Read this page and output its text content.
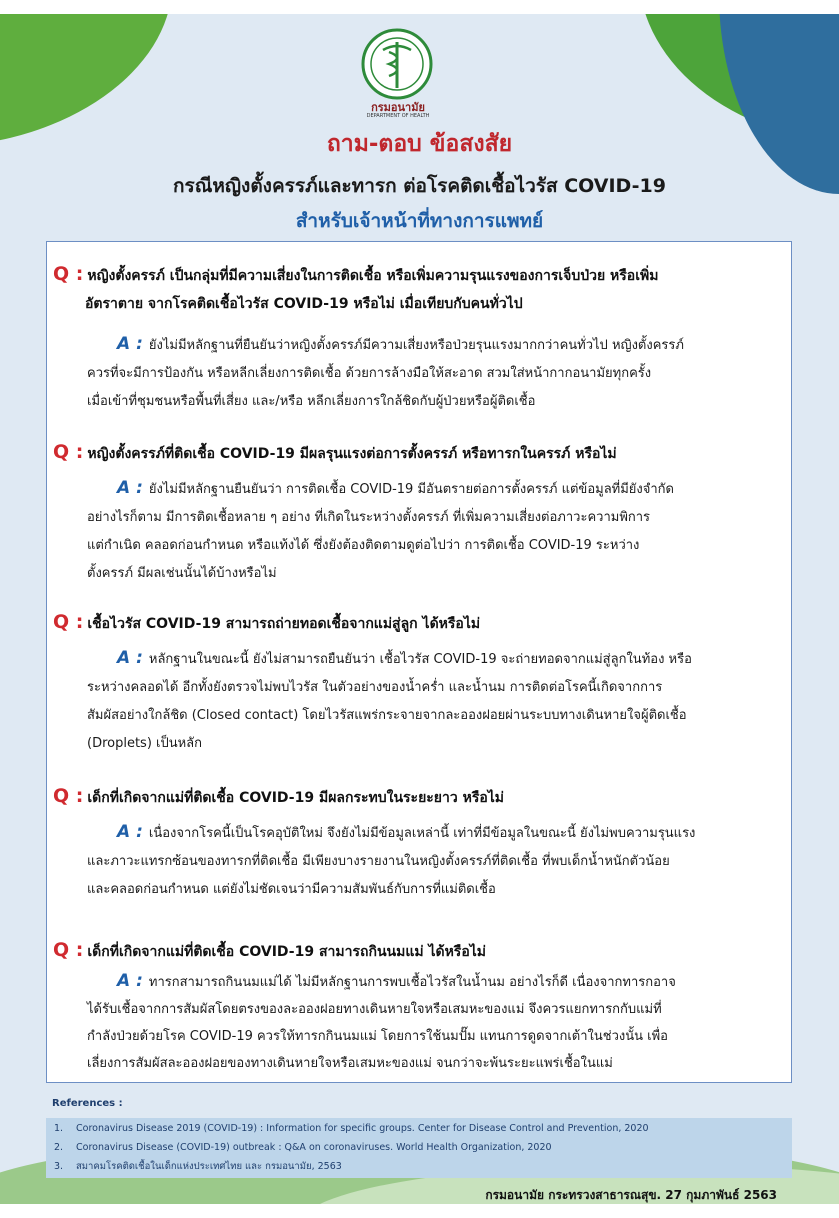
กรมอนามัย
DEPARTMENT OF HEALTH
ถาม-ตอบ ข้อสงสัย
กรณีหญิงตั้งครรภ์และทารก ต่อโรคติดเชื้อไวรัส COVID-19
สำหรับเจ้าหน้าที่ทางการแพทย์
Q : หญิงตั้งครรภ์ เป็นกลุ่มที่มีความเสี่ยงในการติดเชื้อ หรือเพิ่มความรุนแรงของการเจ็บป่วย หรือเพิ่ม
อัตราตาย จากโรคติดเชื้อไวรัส COVID-19 หรือไม่ เมื่อเทียบกับคนทั่วไป
A : ยังไม่มีหลักฐานที่ยืนยันว่าหญิงตั้งครรภ์มีความเสี่ยงหรือป่วยรุนแรงมากกว่าคนทั่วไป หญิงตั้งครรภ์
ควรที่จะมีการป้องกัน หรือหลีกเลี่ยงการติดเชื้อ ด้วยการล้างมือให้สะอาด สวมใส่หน้ากากอนามัยทุกครั้ง
เมื่อเข้าที่ชุมชนหรือพื้นที่เสี่ยง และ/หรือ หลีกเลี่ยงการใกล้ชิดกับผู้ป่วยหรือผู้ติดเชื้อ
Q : หญิงตั้งครรภ์ที่ติดเชื้อ COVID-19 มีผลรุนแรงต่อการตั้งครรภ์ หรือทารกในครรภ์ หรือไม่
A : ยังไม่มีหลักฐานยืนยันว่า การติดเชื้อ COVID-19 มีอันตรายต่อการตั้งครรภ์ แต่ข้อมูลที่มียังจำกัด
อย่างไรก็ตาม มีการติดเชื้อหลาย ๆ อย่าง ที่เกิดในระหว่างตั้งครรภ์ ที่เพิ่มความเสี่ยงต่อภาวะความพิการ
แต่กำเนิด คลอดก่อนกำหนด หรือแท้งได้ ซึ่งยังต้องติดตามดูต่อไปว่า การติดเชื้อ COVID-19 ระหว่าง
ตั้งครรภ์ มีผลเช่นนั้นได้บ้างหรือไม่
Q : เชื้อไวรัส COVID-19 สามารถถ่ายทอดเชื้อจากแม่สู่ลูก ได้หรือไม่
A : หลักฐานในขณะนี้ ยังไม่สามารถยืนยันว่า เชื้อไวรัส COVID-19 จะถ่ายทอดจากแม่สู่ลูกในท้อง หรือ
ระหว่างคลอดได้ อีกทั้งยังตรวจไม่พบไวรัส ในตัวอย่างของน้ำคร่ำ และน้ำนม การติดต่อโรคนี้เกิดจากการ
สัมผัสอย่างใกล้ชิด (Closed contact) โดยไวรัสแพร่กระจายจากละอองฝอยผ่านระบบทางเดินหายใจผู้ติดเชื้อ
(Droplets) เป็นหลัก
Q : เด็กที่เกิดจากแม่ที่ติดเชื้อ COVID-19 มีผลกระทบในระยะยาว หรือไม่
A : เนื่องจากโรคนี้เป็นโรคอุบัติใหม่ จึงยังไม่มีข้อมูลเหล่านี้ เท่าที่มีข้อมูลในขณะนี้ ยังไม่พบความรุนแรง
และภาวะแทรกซ้อนของทารกที่ติดเชื้อ มีเพียงบางรายงานในหญิงตั้งครรภ์ที่ติดเชื้อ ที่พบเด็กน้ำหนักตัวน้อย
และคลอดก่อนกำหนด แต่ยังไม่ชัดเจนว่ามีความสัมพันธ์กับการที่แม่ติดเชื้อ
Q : เด็กที่เกิดจากแม่ที่ติดเชื้อ COVID-19 สามารถกินนมแม่ ได้หรือไม่
A : ทารกสามารถกินนมแม่ได้ ไม่มีหลักฐานการพบเชื้อไวรัสในน้ำนม อย่างไรก็ดี เนื่องจากทารกอาจ
ได้รับเชื้อจากการสัมผัสโดยตรงของละอองฝอยทางเดินหายใจหรือเสมหะของแม่ จึงควรแยกทารกกับแม่ที่
กำลังป่วยด้วยโรค COVID-19 ควรให้ทารกกินนมแม่ โดยการใช้นมปั๊ม แทนการดูดจากเต้าในช่วงนั้น เพื่อ
เลี่ยงการสัมผัสละอองฝอยของทางเดินหายใจหรือเสมหะของแม่ จนกว่าจะพ้นระยะแพร่เชื้อในแม่
References :
1. Coronavirus Disease 2019 (COVID-19) : Information for specific groups. Center for Disease Control and Prevention, 2020
2. Coronavirus Disease (COVID-19) outbreak : Q&A on coronaviruses. World Health Organization, 2020
3. สมาคมโรคติดเชื้อในเด็กแห่งประเทศไทย และ กรมอนามัย, 2563
กรมอนามัย กระทรวงสาธารณสุข. 27 กุมภาพันธ์ 2563
